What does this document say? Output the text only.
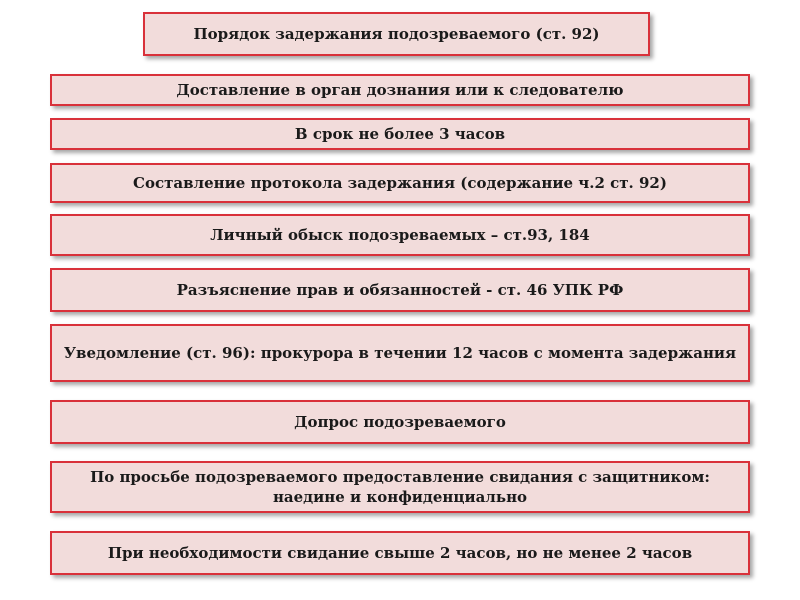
Порядок задержания подозреваемого (ст. 92)
Доставление в орган дознания или к следователю
В срок не более 3 часов
Составление протокола задержания (содержание ч.2 ст. 92)
Личный обыск подозреваемых – ст.93, 184
Разъяснение прав и обязанностей - ст. 46 УПК РФ
Уведомление (ст. 96): прокурора в течении 12 часов с момента задержания
Допрос подозреваемого
По просьбе подозреваемого предоставление свидания с защитником:
наедине и конфиденциально
При необходимости свидание свыше 2 часов, но не менее 2 часов
